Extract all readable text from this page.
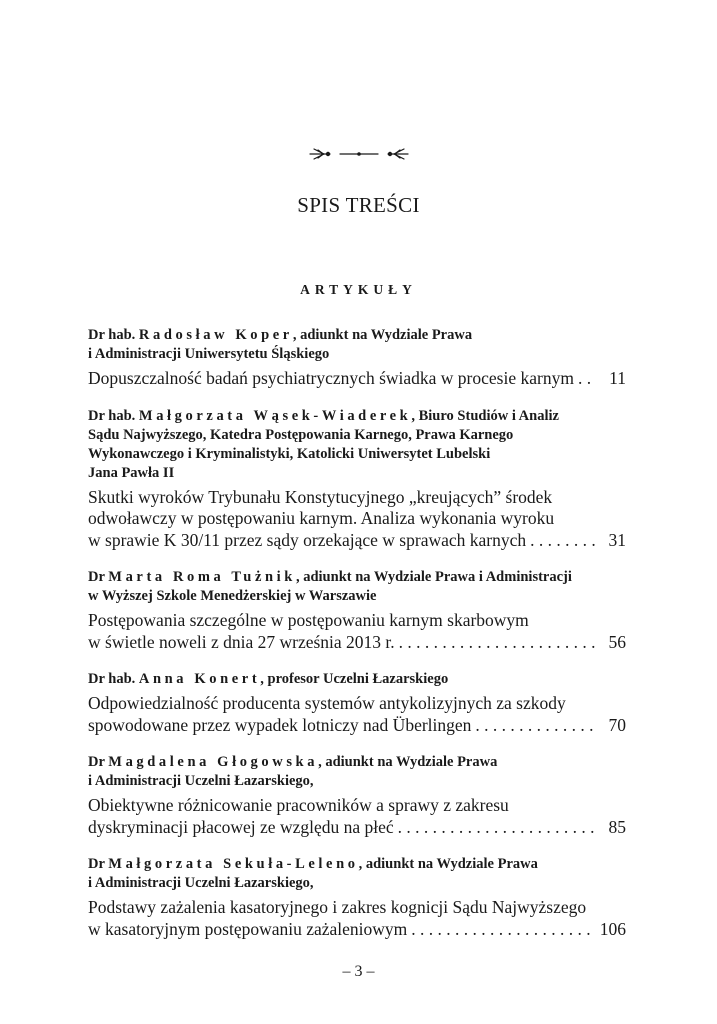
SPIS TREŚCI
ARTYKUŁY
Dr hab. Radosław Koper, adiunkt na Wydziale Prawa
i Administracji Uniwersytetu Śląskiego
Dopuszczalność badań psychiatrycznych świadka w procesie karnym . . .	11
Dr hab. Małgorzata Wąsek-Wiaderek, Biuro Studiów i Analiz
Sądu Najwyższego, Katedra Postępowania Karnego, Prawa Karnego
Wykonawczego i Kryminalistyki, Katolicki Uniwersytet Lubelski
Jana Pawła II
Skutki wyroków Trybunału Konstytucyjnego „kreujących” środek
odwoławczy w postępowaniu karnym. Analiza wykonania wyroku
w sprawie K 30/11 przez sądy orzekające w sprawach karnych . . .	31
Dr Marta Roma Tużnik, adiunkt na Wydziale Prawa i Administracji
w Wyższej Szkole Menedżerskiej w Warszawie
Postępowania szczególne w postępowaniu karnym skarbowym
w świetle noweli z dnia 27 września 2013 r. . . .	56
Dr hab. Anna Konert, profesor Uczelni Łazarskiego
Odpowiedzialność producenta systemów antykolizyjnych za szkody
spowodowane przez wypadek lotniczy nad Überlingen . . .	70
Dr Magdalena Głogowska, adiunkt na Wydziale Prawa
i Administracji Uczelni Łazarskiego,
Obiektywne różnicowanie pracowników a sprawy z zakresu
dyskryminacji płacowej ze względu na płeć . . .	85
Dr Małgorzata Sekuła-Leleno, adiunkt na Wydziale Prawa
i Administracji Uczelni Łazarskiego,
Podstawy zażalenia kasatoryjnego i zakres kognicji Sądu Najwyższego
w kasatoryjnym postępowaniu zażaleniowym . . .	106
– 3 –
